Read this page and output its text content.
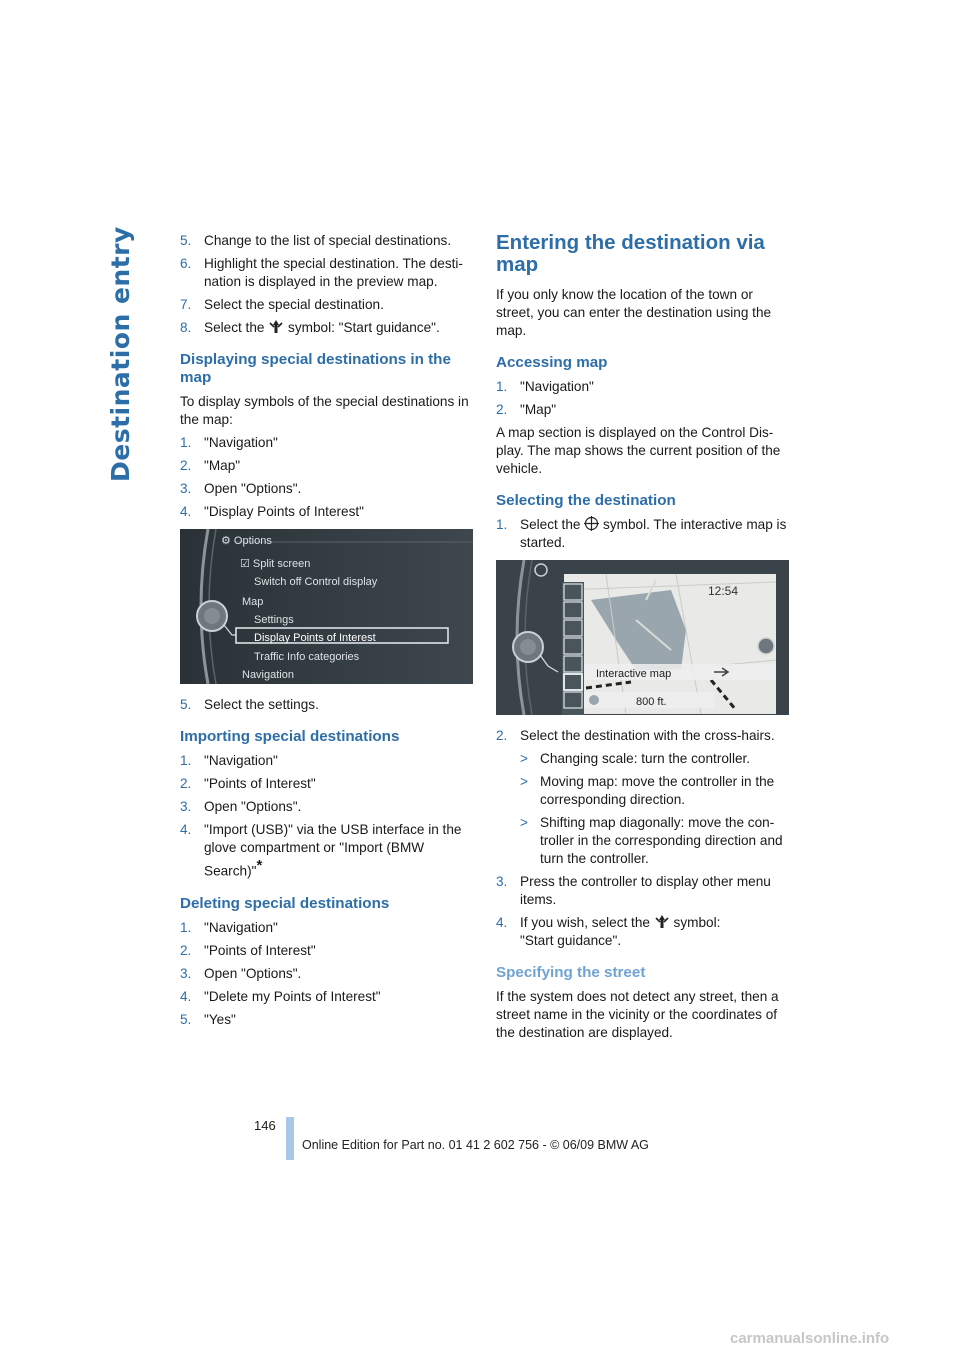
Destination entry	5. Change to the list of special destinations.
6. Highlight the special destination. The desti-nation is displayed in the preview map.
7. Select the special destination.
8. Select the symbol: "Start guidance".
Displaying special destinations in the map

To display symbols of the special destinations in the map:

1. "Navigation"
2. "Map"
3. Open "Options".
4. "Display Points of Interest"
⚙ Options
☑ Split screen
Switch off Control display
Map
Settings
Display Points of Interest
Traffic Info categories
Navigation
5. Select the settings.
Importing special destinations
1. "Navigation"
2. "Points of Interest"
3. Open "Options".
4. "Import (USB)" via the USB interface in the glove compartment or "Import (BMW Search)"*
Deleting special destinations
1. "Navigation"
2. "Points of Interest"
3. Open "Options".
4. "Delete my Points of Interest"
5. "Yes"
Entering the destination via map

If you only know the location of the town or street, you can enter the destination using the map.

Accessing map
1. "Navigation"
2. "Map"

A map section is displayed on the Control Dis-play. The map shows the current position of the vehicle.

Selecting the destination
1. Select the symbol. The interactive map is started.
12:54
Interactive map
800 ft.
2. Select the destination with the cross-hairs.
> Changing scale: turn the controller.
> Moving map: move the controller in the corresponding direction.
> Shifting map diagonally: move the con-troller in the corresponding direction and turn the controller.
3. Press the controller to display other menu items.
4. If you wish, select the symbol:
"Start guidance".
Specifying the street

If the system does not detect any street, then a street name in the vicinity or the coordinates of the destination are displayed.

146
Online Edition for Part no. 01 41 2 602 756 - © 06/09 BMW AG
carmanualsonline.info
